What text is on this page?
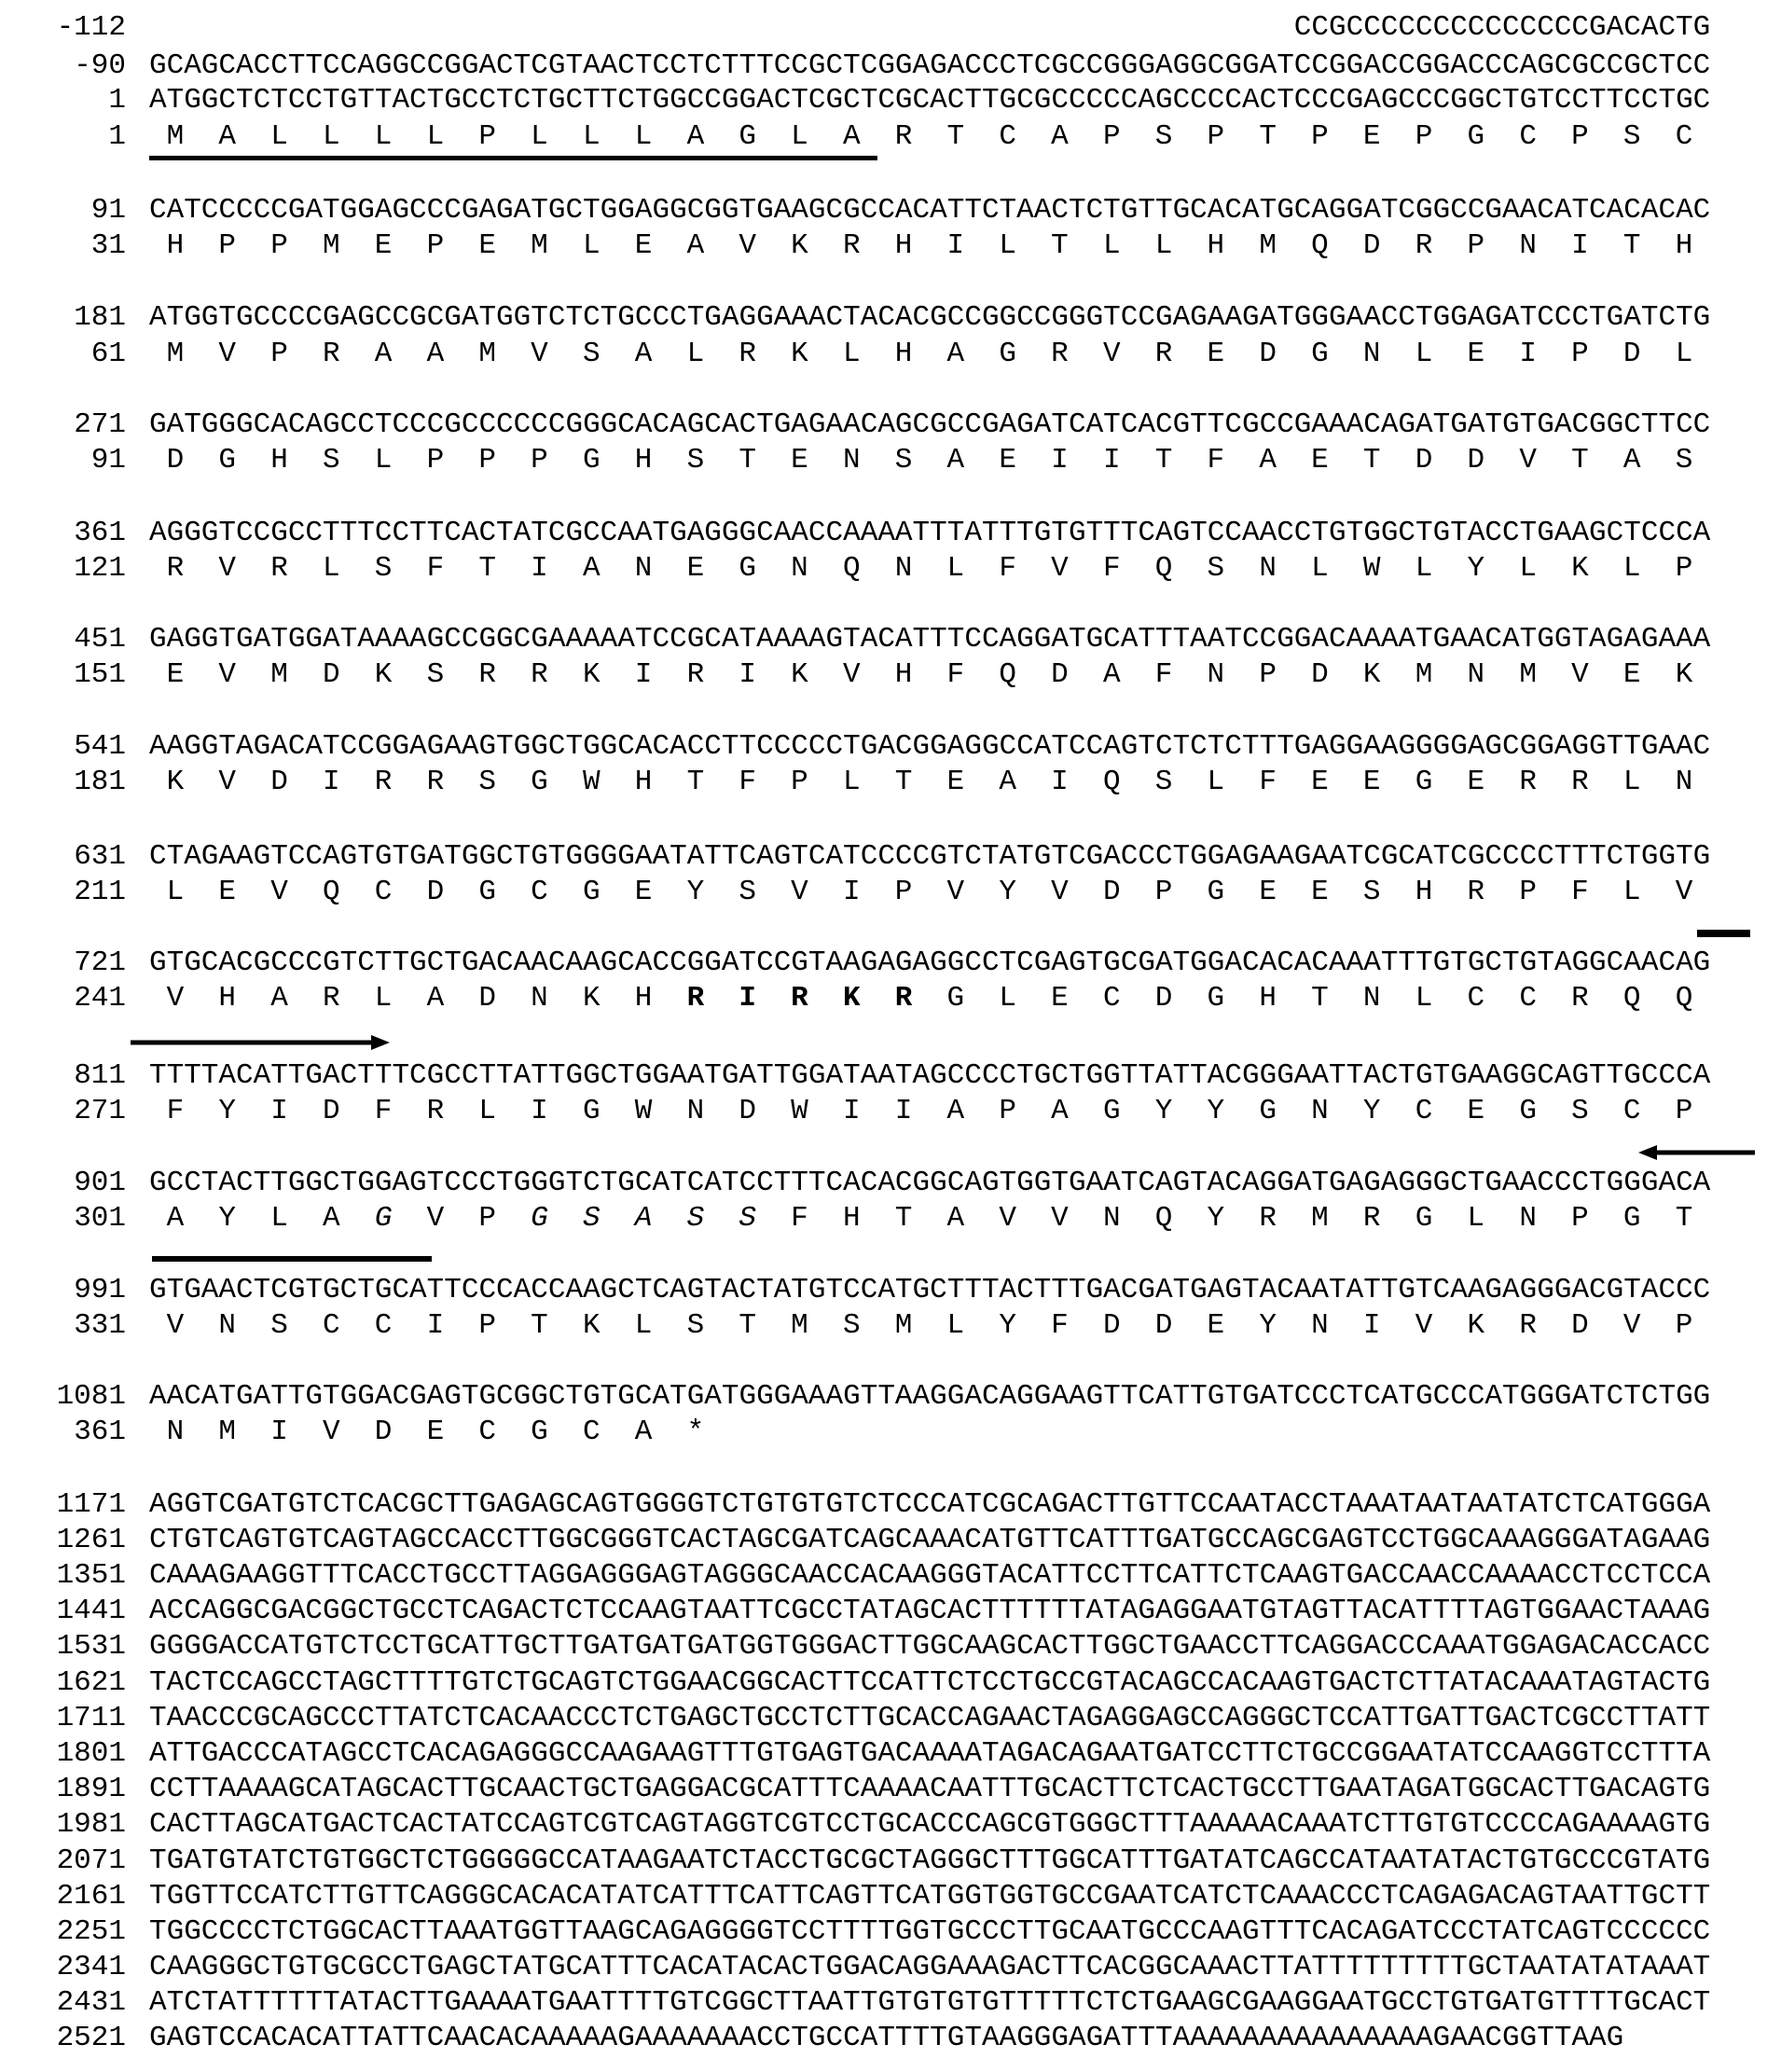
-112	CCGCCCCCCCCCCCCCCGACACTG
-90 GCAGCACCTTCCAGGCCGGACTCGTAACTCCTCTTTCCGCTCGGAGACCCTCGCCGGGAGGCGGATCCGGACCGGACCCAGCGCCGCTCC
1 ATGGCTCTCCTGTTACTGCCTCTGCTTCTGGCCGGACTCGCTCGCACTTGCGCCCCCAGCCCCACTCCCGAGCCCGGCTGTCCTTCCTGC
1 M A L L L L P L L L A G L A R T C A P S P T P E P G C P S C
91 CATCCCCCGATGGAGCCCGAGATGCTGGAGGCGGTGAAGCGCCACATTCTAACTCTGTTGCACATGCAGGATCGGCCGAACATCACACAC
31 H P P M E P E M L E A V K R H I L T L L H M Q D R P N I T H
181 ATGGTGCCCCGAGCCGCGATGGTCTCTGCCCTGAGGAAACTACACGCCGGCCGGGTCCGAGAAGATGGGAACCTGGAGATCCCTGATCTG
61 M V P R A A M V S A L R K L H A G R V R E D G N L E I P D L
271 GATGGGCACAGCCTCCCGCCCCCCGGGCACAGCACTGAGAACAGCGCCGAGATCATCACGTTCGCCGAAACAGATGATGTGACGGCTTCC
91 D G H S L P P P G H S T E N S A E I I T F A E T D D V T A S
361 AGGGTCCGCCTTTCCTTCACTATCGCCAATGAGGGCAACCAAAATTTATTTGTGTTTCAGTCCAACCTGTGGCTGTACCTGAAGCTCCCA
121 R V R L S F T I A N E G N Q N L F V F Q S N L W L Y L K L P
451 GAGGTGATGGATAAAAGCCGGCGAAAAATCCGCATAAAAGTACATTTCCAGGATGCATTTAATCCGGACAAAATGAACATGGTAGAGAAA
151 E V M D K S R R K I R I K V H F Q D A F N P D K M N M V E K
541 AAGGTAGACATCCGGAGAAGTGGCTGGCACACCTTCCCCCTGACGGAGGCCATCCAGTCTCTCTTTGAGGAAGGGGAGCGGAGGTTGAAC
181 K V D I R R S G W H T F P L T E A I Q S L F E E G E R R L N
631 CTAGAAGTCCAGTGTGATGGCTGTGGGGAATATTCAGTCATCCCCGTCTATGTCGACCCTGGAGAAGAATCGCATCGCCCCTTTCTGGTG
211 L E V Q C D G C G E Y S V I P V Y V D P G E E S H R P F L V
721 GTGCACGCCCGTCTTGCTGACAACAAGCACCGGATCCGTAAGAGAGGCCTCGAGTGCGATGGACACACAAATTTGTGCTGTAGGCAACAG
241 V H A R L A D N K H R I R K R G L E C D G H T N L C C R Q Q
811 TTTTACATTGACTTTCGCCTTATTGGCTGGAATGATTGGATAATAGCCCCTGCTGGTTATTACGGGAATTACTGTGAAGGCAGTTGCCCA
271 F Y I D F R L I G W N D W I I A P A G Y Y G N Y C E G S C P
901 GCCTACTTGGCTGGAGTCCCTGGGTCTGCATCATCCTTTCACACGGCAGTGGTGAATCAGTACAGGATGAGAGGGCTGAACCCTGGGACA
301 A Y L A G V P G S A S S F H T A V V N Q Y R M R G L N P G T
991 GTGAACTCGTGCTGCATTCCCACCAAGCTCAGTACTATGTCCATGCTTTACTTTGACGATGAGTACAATATTGTCAAGAGGGACGTACCC
331 V N S C C I P T K L S T M S M L Y F D D E Y N I V K R D V P
1081 AACATGATTGTGGACGAGTGCGGCTGTGCATGATGGGAAAGTTAAGGACAGGAAGTTCATTGTGATCCCTCATGCCCATGGGATCTCTGG
361 N M I V D E C G C A *
1171 AGGTCGATGTCTCACGCTTGAGAGCAGTGGGGTCTGTGTGTCTCCCATCGCAGACTTGTTCCAATACCTAAATAATAATATCTCATGGGA
1261 CTGTCAGTGTCAGTAGCCACCTTGGCGGGTCACTAGCGATCAGCAAACATGTTCATTTGATGCCAGCGAGTCCTGGCAAAGGGATAGAAG
1351 CAAAGAAGGTTTCACCTGCCTTAGGAGGGAGTAGGGCAACCACAAGGGTACATTCCTTCATTCTCAAGTGACCAACCAAAACCTCCTCCA
1441 ACCAGGCGACGGCTGCCTCAGACTCTCCAAGTAATTCGCCTATAGCACTTTTTTATAGAGGAATGTAGTTACATTTTAGTGGAACTAAAG
1531 GGGGACCATGTCTCCTGCATTGCTTGATGATGATGGTGGGACTTGGCAAGCACTTGGCTGAACCTTCAGGACCCAAATGGAGACACCACC
1621 TACTCCAGCCTAGCTTTTGTCTGCAGTCTGGAACGGCACTTCCATTCTCCTGCCGTACAGCCACAAGTGACTCTTATACAAATAGTACTG
1711 TAACCCGCAGCCCTTATCTCACAACCCTCTGAGCTGCCTCTTGCACCAGAACTAGAGGAGCCAGGGCTCCATTGATTGACTCGCCTTATT
1801 ATTGACCCATAGCCTCACAGAGGGCCAAGAAGTTTGTGAGTGACAAAATAGACAGAATGATCCTTCTGCCGGAATATCCAAGGTCCTTTA
1891 CCTTAAAAGCATAGCACTTGCAACTGCTGAGGACGCATTTCAAAACAATTTGCACTTCTCACTGCCTTGAATAGATGGCACTTGACAGTG
1981 CACTTAGCATGACTCACTATCCAGTCGTCAGTAGGTCGTCCTGCACCCAGCGTGGGCTTTAAAAACAAATCTTGTGTCCCCAGAAAAGTG
2071 TGATGTATCTGTGGCTCTGGGGGCCATAAGAATCTACCTGCGCTAGGGCTTTGGCATTTGATATCAGCCATAATATACTGTGCCCGTATG
2161 TGGTTCCATCTTGTTCAGGGCACACATATCATTTCATTCAGTTCATGGTGGTGCCGAATCATCTCAAACCCTCAGAGACAGTAATTGCTT
2251 TGGCCCCTCTGGCACTTAAATGGTTAAGCAGAGGGGTCCTTTTGGTGCCCTTGCAATGCCCAAGTTTCACAGATCCCTATCAGTCCCCCC
2341 CAAGGGCTGTGCGCCTGAGCTATGCATTTCACATACACTGGACAGGAAAGACTTCACGGCAAACTTATTTTTTTTTGCTAATATATAAAT
2431 ATCTATTTTTTATACTTGAAAATGAATTTTGTCGGCTTAATTGTGTGTGTTTTTCTCTGAAGCGAAGGAATGCCTGTGATGTTTTGCACT
2521 GAGTCCACACATTATTCAACACAAAAAGAAAAAAACCTGCCATTTTGTAAGGGAGATTTAAAAAAAAAAAAAAAGAACGGTTAAG
